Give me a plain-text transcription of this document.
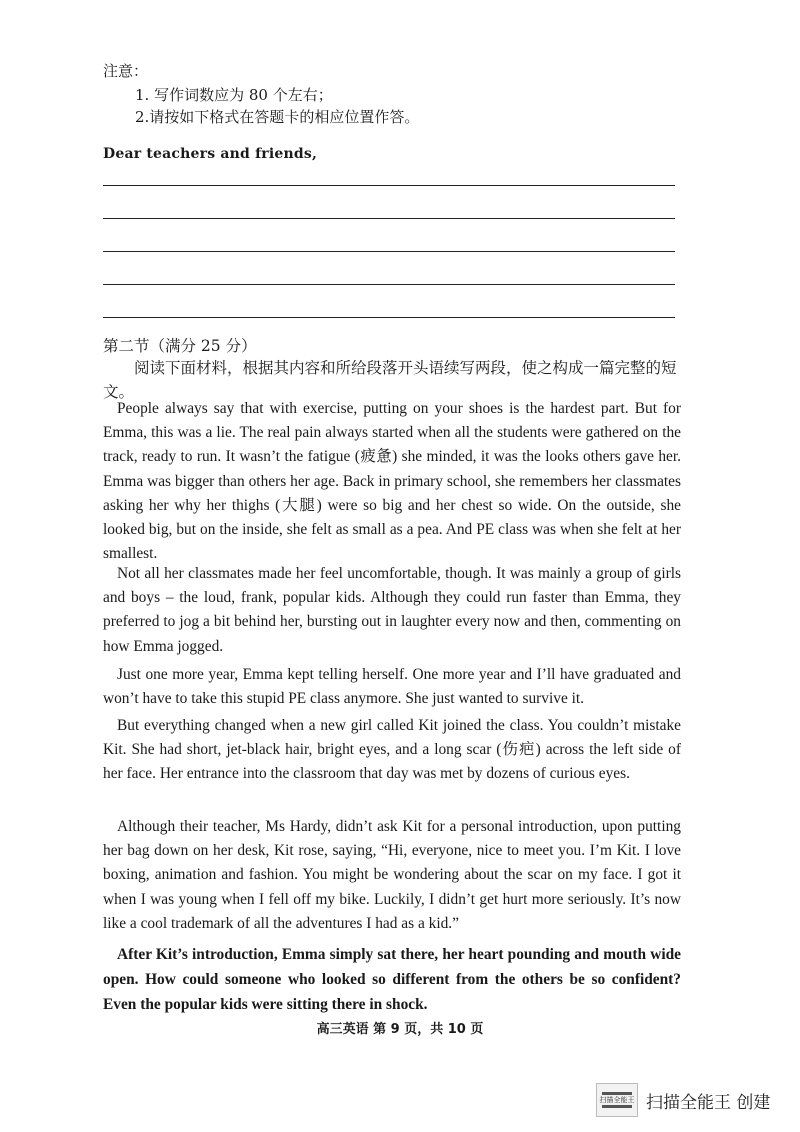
注意：
1. 写作词数应为 80 个左右；
2.请按如下格式在答题卡的相应位置作答。
Dear teachers and friends,
第二节（满分 25 分）
阅读下面材料，根据其内容和所给段落开头语续写两段，使之构成一篇完整的短文。

People always say that with exercise, putting on your shoes is the hardest part. But for Emma, this was a lie. The real pain always started when all the students were gathered on the track, ready to run. It wasn’t the fatigue (疲惫) she minded, it was the looks others gave her. Emma was bigger than others her age. Back in primary school, she remembers her classmates asking her why her thighs (大腿) were so big and her chest so wide. On the outside, she looked big, but on the inside, she felt as small as a pea. And PE class was when she felt at her smallest.

Not all her classmates made her feel uncomfortable, though. It was mainly a group of girls and boys – the loud, frank, popular kids. Although they could run faster than Emma, they preferred to jog a bit behind her, bursting out in laughter every now and then, commenting on how Emma jogged.

Just one more year, Emma kept telling herself. One more year and I’ll have graduated and won’t have to take this stupid PE class anymore. She just wanted to survive it.

But everything changed when a new girl called Kit joined the class. You couldn’t mistake Kit. She had short, jet-black hair, bright eyes, and a long scar (伤疤) across the left side of her face. Her entrance into the classroom that day was met by dozens of curious eyes.

Although their teacher, Ms Hardy, didn’t ask Kit for a personal introduction, upon putting her bag down on her desk, Kit rose, saying, “Hi, everyone, nice to meet you. I’m Kit. I love boxing, animation and fashion. You might be wondering about the scar on my face. I got it when I was young when I fell off my bike. Luckily, I didn’t get hurt more seriously. It’s now like a cool trademark of all the adventures I had as a kid.”

After Kit’s introduction, Emma simply sat there, her heart pounding and mouth wide open. How could someone who looked so different from the others be so confident? Even the popular kids were sitting there in shock.

高三英语 第 9 页，共 10 页
扫描全能王 扫描全能王 创建
